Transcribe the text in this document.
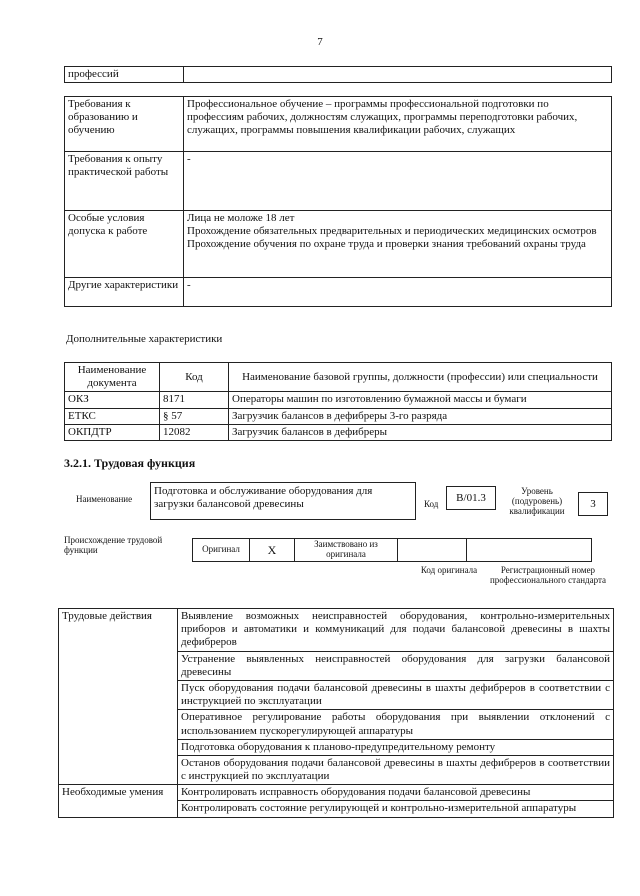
7
профессий	
Требования к образованию и обучению	Профессиональное обучение – программы профессиональной подготовки по профессиям рабочих, должностям служащих, программы переподготовки рабочих, служащих, программы повышения квалификации рабочих, служащих
Требования к опыту практической работы	-
Особые условия допуска к работе	Лица не моложе 18 лет
Прохождение обязательных предварительных и периодических медицинских осмотров
Прохождение обучения по охране труда и проверки знания требований охраны труда

Другие характеристики	-
Дополнительные характеристики
Наименование документа	Код	Наименование базовой группы, должности (профессии) или специальности
ОКЗ	8171	Операторы машин по изготовлению бумажной массы и бумаги
ЕТКС	§ 57	Загрузчик балансов в дефибреры 3-го разряда
ОКПДТР	12082	Загрузчик балансов в дефибреры
3.2.1. Трудовая функция
Наименование
Подготовка и обслуживание оборудования для загрузки балансовой древесины	Код	B/01.3
Уровень (подуровень) квалификации
3
Происхождение трудовой функции	Оригинал	X	Заимствовано из оригинала		
Код оригинала	Регистрационный номер профессионального стандарта
Трудовые действия	Выявление возможных неисправностей оборудования, контрольно-измерительных приборов и автоматики и коммуникаций для подачи балансовой древесины в шахты дефибреров
	Устранение выявленных неисправностей оборудования для загрузки балансовой древесины
	Пуск оборудования подачи балансовой древесины в шахты дефибреров в соответствии с инструкцией по эксплуатации
	Оперативное регулирование работы оборудования при выявлении отклонений с использованием пускорегулирующей аппаратуры
	Подготовка оборудования к планово-предупредительному ремонту
	Останов оборудования подачи балансовой древесины в шахты дефибреров в соответствии с инструкцией по эксплуатации
Необходимые умения	Контролировать исправность оборудования подачи балансовой древесины
	Контролировать состояние регулирующей и контрольно-измерительной аппаратуры
